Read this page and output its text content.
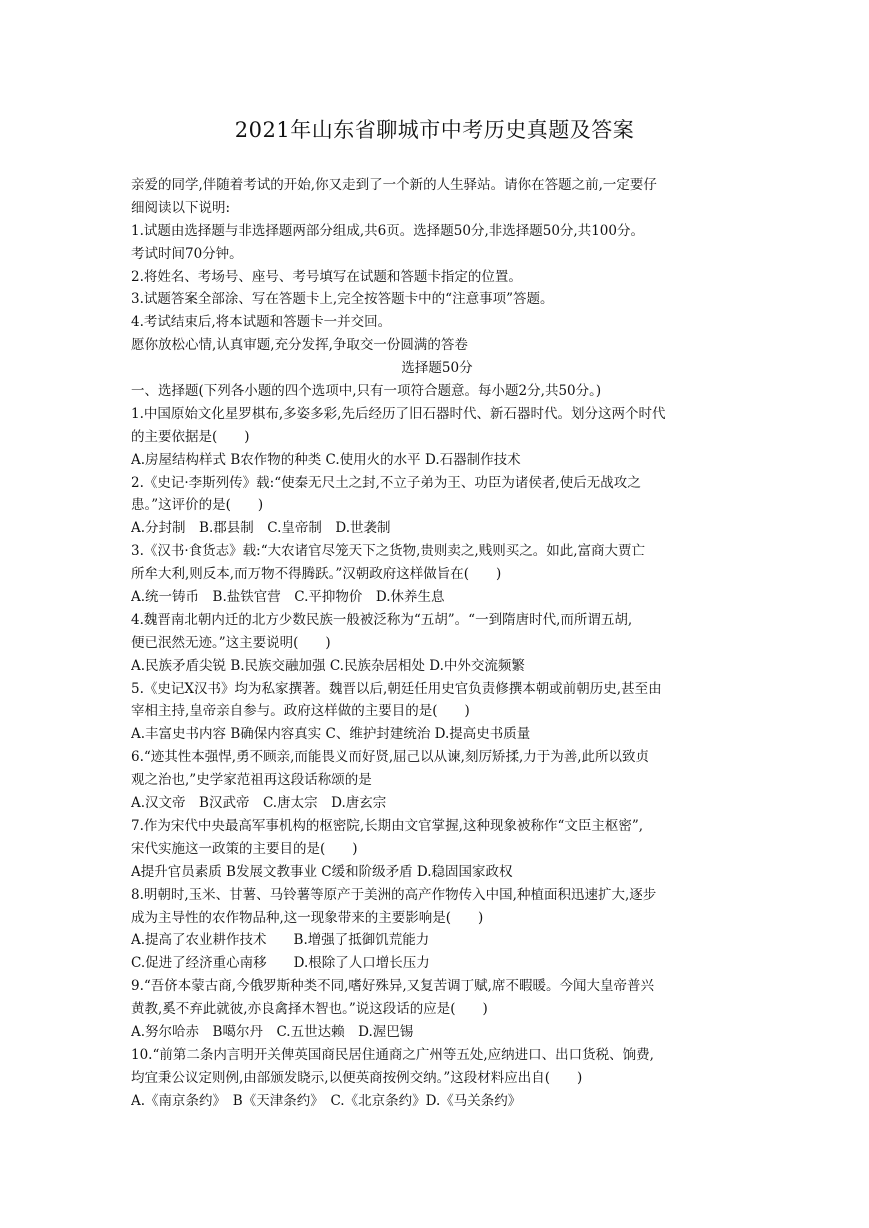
2021年山东省聊城市中考历史真题及答案
亲爱的同学,伴随着考试的开始,你又走到了一个新的人生驿站。请你在答题之前,一定要仔
细阅读以下说明:
1.试题由选择题与非选择题两部分组成,共6页。选择题50分,非选择题50分,共100分。
考试时间70分钟。
2.将姓名、考场号、座号、考号填写在试题和答题卡指定的位置。
3.试题答案全部涂、写在答题卡上,完全按答题卡中的“注意事项”答题。
4.考试结束后,将本试题和答题卡一并交回。
愿你放松心情,认真审题,充分发挥,争取交一份圆满的答卷
选择题50分
一、选择题(下列各小题的四个选项中,只有一项符合题意。每小题2分,共50分。)
1.中国原始文化星罗棋布,多姿多彩,先后经历了旧石器时代、新石器时代。划分这两个时代
的主要依据是(　　)
A.房屋结构样式 B农作物的种类 C.使用火的水平 D.石器制作技术
2.《史记·李斯列传》载:“使秦无尺土之封,不立子弟为王、功臣为诸侯者,使后无战攻之
患。”这评价的是(　　)
A.分封制　B.郡县制　C.皇帝制　D.世袭制
3.《汉书·食货志》载:“大农诸官尽笼天下之货物,贵则卖之,贱则买之。如此,富商大贾亡
所牟大利,则反本,而万物不得腾跃。”汉朝政府这样做旨在(　　)
A.统一铸币　B.盐铁官营　C.平抑物价　D.休养生息
4.魏晋南北朝内迁的北方少数民族一般被泛称为“五胡”。“一到隋唐时代,而所谓五胡,
便已泯然无迹。”这主要说明(　　)
A.民族矛盾尖锐 B.民族交融加强 C.民族杂居相处 D.中外交流频繁
5.《史记X汉书》均为私家撰著。魏晋以后,朝廷任用史官负责修撰本朝或前朝历史,甚至由
宰相主持,皇帝亲自参与。政府这样做的主要目的是(　　)
A.丰富史书内容 B确保内容真实 C、维护封建统治 D.提高史书质量
6.“迹其性本强悍,勇不顾亲,而能畏义而好贤,屈己以从谏,刻厉矫揉,力于为善,此所以致贞
观之治也,”史学家范祖再这段话称颂的是
A.汉文帝　B汉武帝　C.唐太宗　D.唐玄宗
7.作为宋代中央最高军事机构的枢密院,长期由文官掌握,这种现象被称作“文臣主枢密”,
宋代实施这一政策的主要目的是(　　)
A提升官员素质 B发展文教事业 C缓和阶级矛盾 D.稳固国家政权
8.明朝时,玉米、甘薯、马铃薯等原产于美洲的高产作物传入中国,种植面积迅速扩大,逐步
成为主导性的农作物品种,这一现象带来的主要影响是(　　)
A.提高了农业耕作技术　　B.增强了抵御饥荒能力
C.促进了经济重心南移　　D.根除了人口增长压力
9.“吾侪本蒙古商,今俄罗斯种类不同,嗜好殊异,又复苦调丁赋,席不暇暖。今闻大皇帝普兴
黄教,奚不弃此就彼,亦良禽择木智也。”说这段话的应是(　　)
A.努尔哈赤　B噶尔丹　C.五世达赖　D.渥巴锡
10.“前第二条内言明开关俾英国商民居住通商之广州等五处,应纳进口、出口货税、饷费,
均宜秉公议定则例,由部颁发晓示,以便英商按例交纳。”这段材料应出自(　　)
A.《南京条约》　B《天津条约》　C.《北京条约》D.《马关条约》
